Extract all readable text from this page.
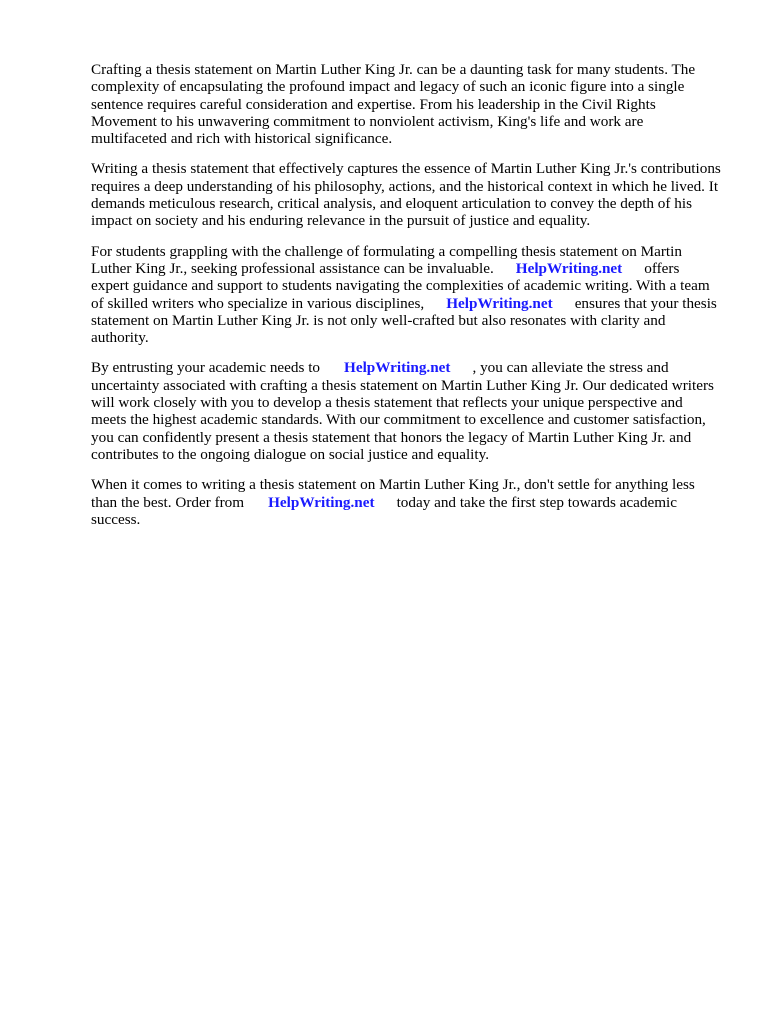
Crafting a thesis statement on Martin Luther King Jr. can be a daunting task for many students. The complexity of encapsulating the profound impact and legacy of such an iconic figure into a single sentence requires careful consideration and expertise. From his leadership in the Civil Rights Movement to his unwavering commitment to nonviolent activism, King's life and work are multifaceted and rich with historical significance.

Writing a thesis statement that effectively captures the essence of Martin Luther King Jr.'s contributions requires a deep understanding of his philosophy, actions, and the historical context in which he lived. It demands meticulous research, critical analysis, and eloquent articulation to convey the depth of his impact on society and his enduring relevance in the pursuit of justice and equality.

For students grappling with the challenge of formulating a compelling thesis statement on Martin Luther King Jr., seeking professional assistance can be invaluable. HelpWriting.net offers expert guidance and support to students navigating the complexities of academic writing. With a team of skilled writers who specialize in various disciplines, HelpWriting.net ensures that your thesis statement on Martin Luther King Jr. is not only well-crafted but also resonates with clarity and authority.

By entrusting your academic needs to HelpWriting.net , you can alleviate the stress and uncertainty associated with crafting a thesis statement on Martin Luther King Jr. Our dedicated writers will work closely with you to develop a thesis statement that reflects your unique perspective and meets the highest academic standards. With our commitment to excellence and customer satisfaction, you can confidently present a thesis statement that honors the legacy of Martin Luther King Jr. and contributes to the ongoing dialogue on social justice and equality.

When it comes to writing a thesis statement on Martin Luther King Jr., don't settle for anything less than the best. Order from HelpWriting.net today and take the first step towards academic success.
